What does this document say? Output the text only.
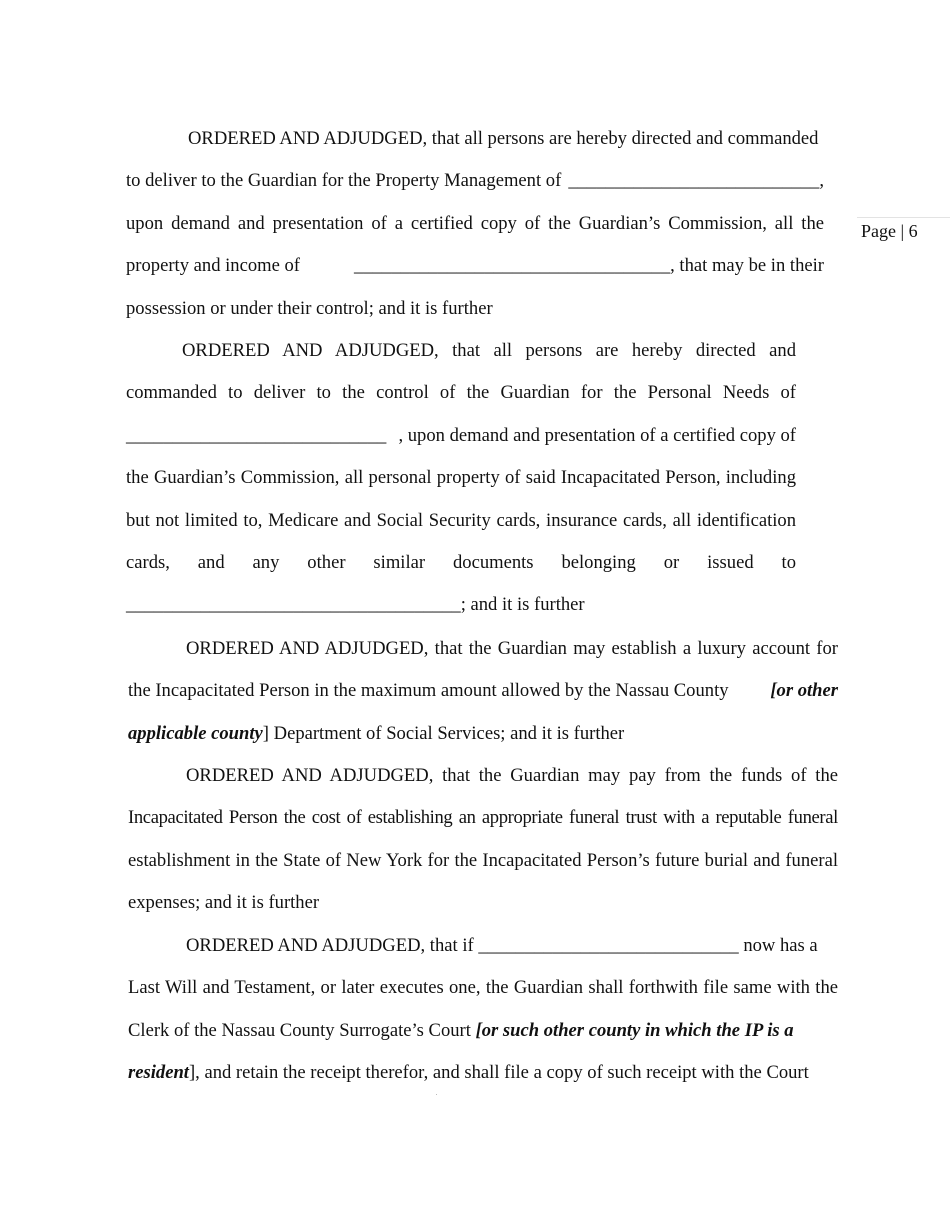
Page | 6
ORDERED AND ADJUDGED, that all persons are hereby directed and commanded
to deliver to the Guardian for the Property Management of ___________________________,
upon demand and presentation of a certified copy of the Guardian’s Commission, all the
property and income of	__________________________________, that may be in their
possession or under their control; and it is further
ORDERED AND ADJUDGED, that all persons are hereby directed and
commanded to deliver to the control of the Guardian for the Personal Needs of
____________________________ , upon demand and presentation of a certified copy of
the Guardian’s Commission, all personal property of said Incapacitated Person, including
but not limited to, Medicare and Social Security cards, insurance cards, all identification
cards, and any other similar documents belonging or issued to
____________________________________; and it is further
ORDERED AND ADJUDGED, that the Guardian may establish a luxury account for
the Incapacitated Person in the maximum amount allowed by the Nassau County [or other
applicable county] Department of Social Services; and it is further
ORDERED AND ADJUDGED, that the Guardian may pay from the funds of the
Incapacitated Person the cost of establishing an appropriate funeral trust with a reputable funeral
establishment in the State of New York for the Incapacitated Person’s future burial and funeral
expenses; and it is further
ORDERED AND ADJUDGED, that if ____________________________ now has a
Last Will and Testament, or later executes one, the Guardian shall forthwith file same with the
Clerk of the Nassau County Surrogate’s Court [or such other county in which the IP is a
resident], and retain the receipt therefor, and shall file a copy of such receipt with the Court
